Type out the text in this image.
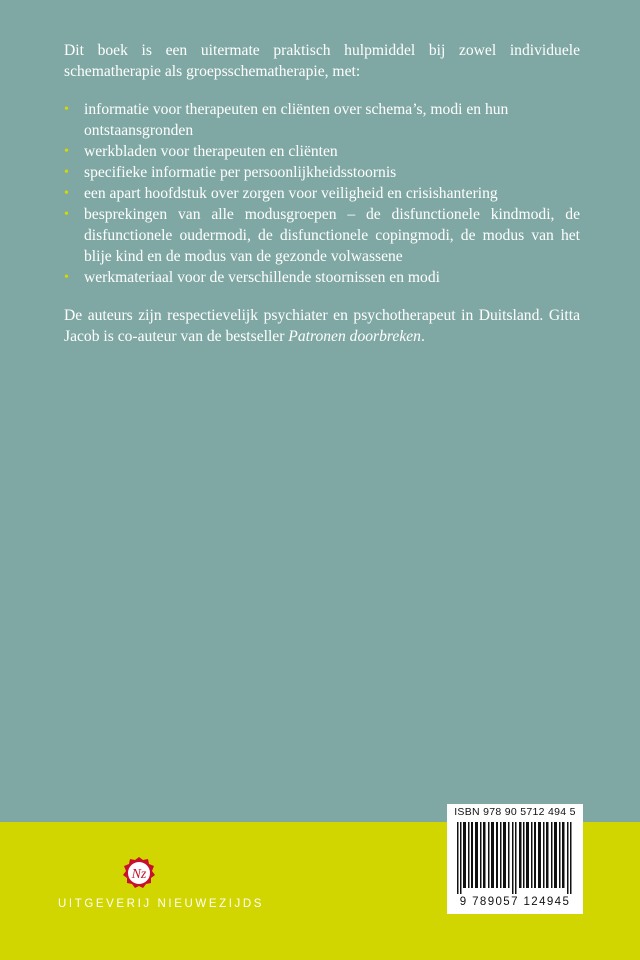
Dit boek is een uitermate praktisch hulpmiddel bij zowel individuele schematherapie als groepsschematherapie, met:

• informatie voor therapeuten en cliënten over schema’s, modi en hun ontstaansgronden
• werkbladen voor therapeuten en cliënten
• specifieke informatie per persoonlijkheidsstoornis
• een apart hoofdstuk over zorgen voor veiligheid en crisishantering
• besprekingen van alle modusgroepen – de disfunctionele kindmodi, de disfunctionele oudermodi, de disfunctionele copingmodi, de modus van het blije kind en de modus van de gezonde volwassene
• werkmateriaal voor de verschillende stoornissen en modi

De auteurs zijn respectievelijk psychiater en psychotherapeut in Duitsland. Gitta Jacob is co-auteur van de bestseller Patronen doorbreken.

Nz
UITGEVERIJ NIEUWEZIJDS
ISBN 978 90 5712 494 5
9 789057 124945
